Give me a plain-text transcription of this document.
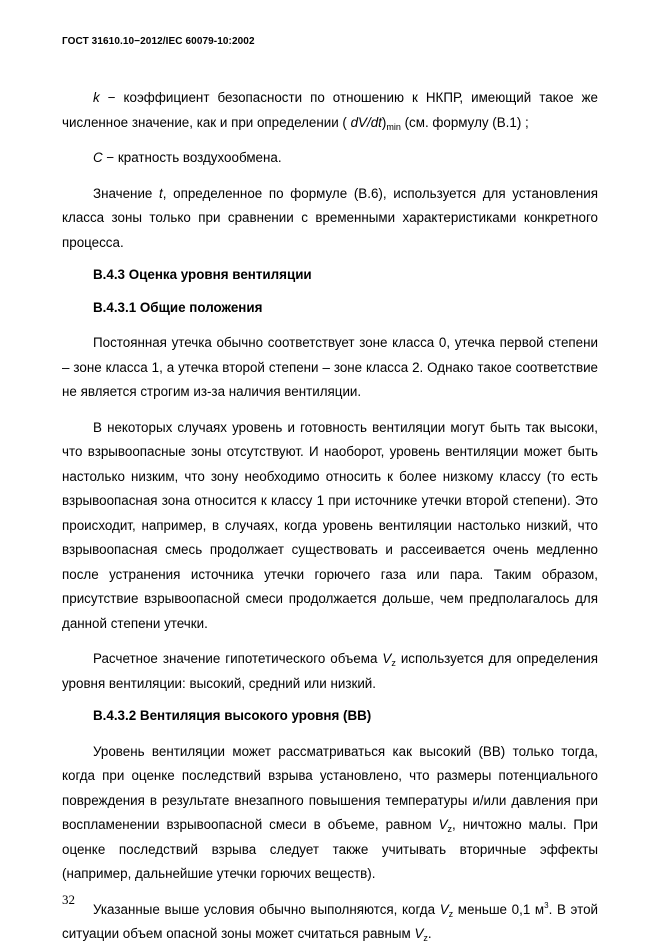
ГОСТ 31610.10−2012/IEC 60079-10:2002

k − коэффициент безопасности по отношению к НКПР, имеющий такое же численное значение, как и при определении ( $dV/dt)_{min}$ (см. формулу (В.1) ;

C − кратность воздухообмена.

Значение t, определенное по формуле (В.6), используется для установления класса зоны только при сравнении с временными характеристиками конкретного процесса.

В.4.3 Оценка уровня вентиляции
В.4.3.1 Общие положения

Постоянная утечка обычно соответствует зоне класса 0, утечка первой степени – зоне класса 1, а утечка второй степени – зоне класса 2. Однако такое соответствие не является строгим из-за наличия вентиляции.

В некоторых случаях уровень и готовность вентиляции могут быть так высоки, что взрывоопасные зоны отсутствуют. И наоборот, уровень вентиляции может быть настолько низким, что зону необходимо относить к более низкому классу (то есть взрывоопасная зона относится к классу 1 при источнике утечки второй степени). Это происходит, например, в случаях, когда уровень вентиляции настолько низкий, что взрывоопасная смесь продолжает существовать и рассеивается очень медленно после устранения источника утечки горючего газа или пара. Таким образом, присутствие взрывоопасной смеси продолжается дольше, чем предполагалось для данной степени утечки.

Расчетное значение гипотетического объема $V_z$ используется для определения уровня вентиляции: высокий, средний или низкий.

В.4.3.2 Вентиляция высокого уровня (ВВ)

Уровень вентиляции может рассматриваться как высокий (ВВ) только тогда, когда при оценке последствий взрыва установлено, что размеры потенциального повреждения в результате внезапного повышения температуры и/или давления при воспламенении взрывоопасной смеси в объеме, равном $V_z$, ничтожно малы. При оценке последствий взрыва следует также учитывать вторичные эффекты (например, дальнейшие утечки горючих веществ).

Указанные выше условия обычно выполняются, когда $V_z$ меньше 0,1 $м^3$. В этой ситуации объем опасной зоны может считаться равным $V_z$.

32
